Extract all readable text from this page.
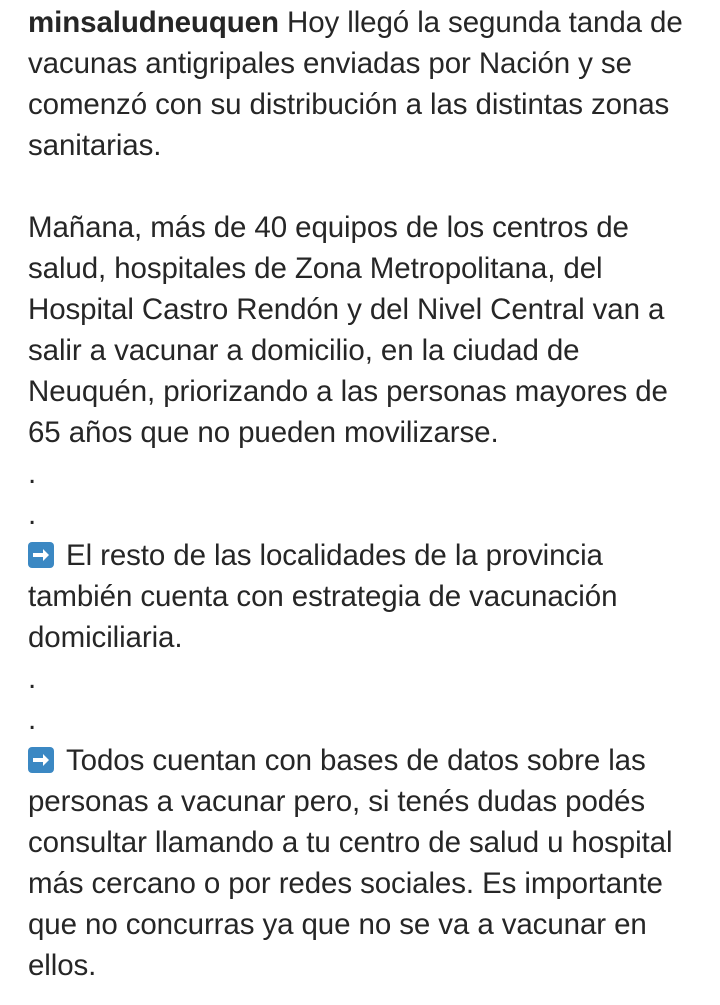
minsaludneuquen Hoy llegó la segunda tanda de vacunas antigripales enviadas por Nación y se comenzó con su distribución a las distintas zonas sanitarias.

Mañana, más de 40 equipos de los centros de salud, hospitales de Zona Metropolitana, del Hospital Castro Rendón y del Nivel Central van a salir a vacunar a domicilio, en la ciudad de Neuquén, priorizando a las personas mayores de 65 años que no pueden movilizarse.

.
.

El resto de las localidades de la provincia también cuenta con estrategia de vacunación domiciliaria.

.
.

Todos cuentan con bases de datos sobre las personas a vacunar pero, si tenés dudas podés consultar llamando a tu centro de salud u hospital más cercano o por redes sociales. Es importante que no concurras ya que no se va a vacunar en ellos.
